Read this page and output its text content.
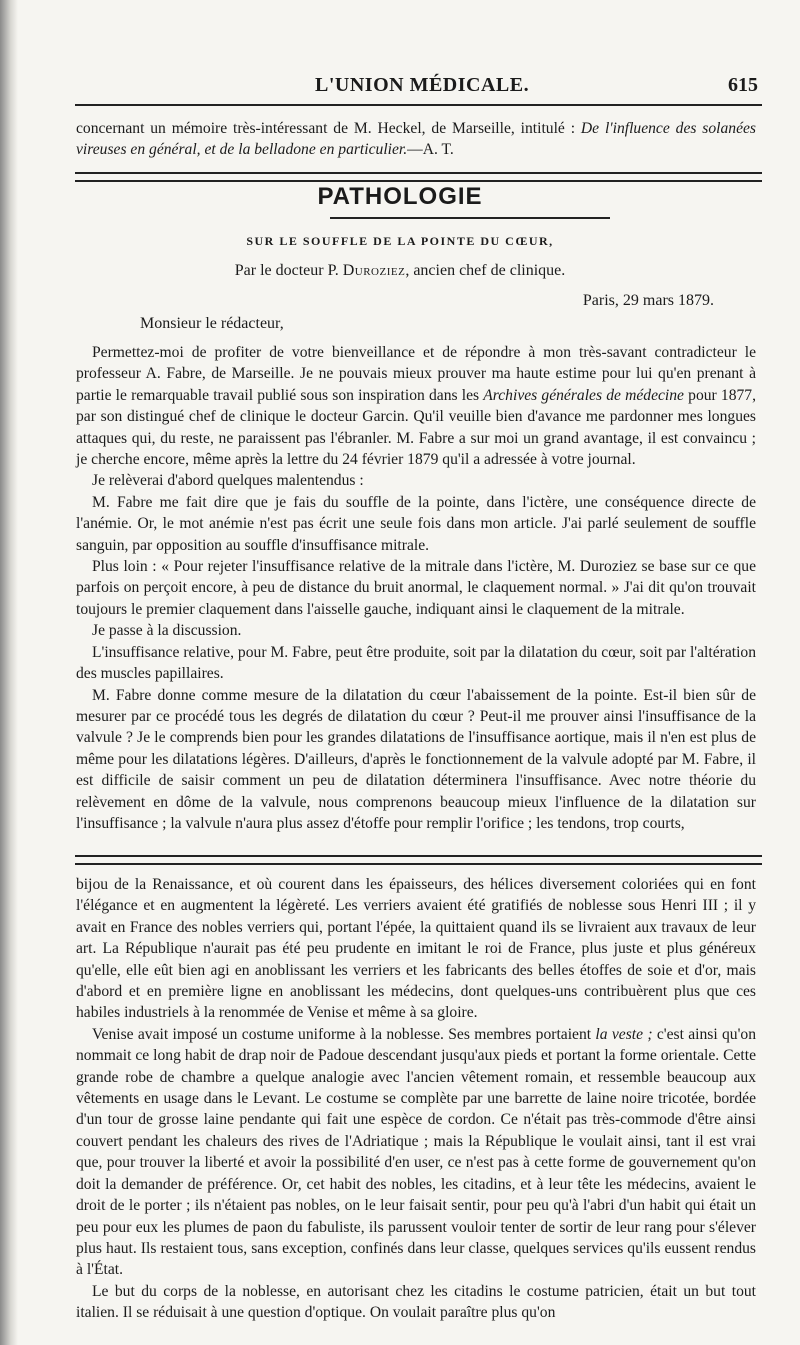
L'UNION MÉDICALE.	615

concernant un mémoire très-intéressant de M. Heckel, de Marseille, intitulé : De l'influence des solanées vireuses en général, et de la belladone en particulier.—A. T.

PATHOLOGIE
SUR LE SOUFFLE DE LA POINTE DU CŒUR,
Par le docteur P. Duroziez, ancien chef de clinique.
Paris, 29 mars 1879.
Monsieur le rédacteur,

Permettez-moi de profiter de votre bienveillance et de répondre à mon très-savant contradicteur le professeur A. Fabre, de Marseille. Je ne pouvais mieux prouver ma haute estime pour lui qu'en prenant à partie le remarquable travail publié sous son inspiration dans les Archives générales de médecine pour 1877, par son distingué chef de clinique le docteur Garcin. Qu'il veuille bien d'avance me pardonner mes longues attaques qui, du reste, ne paraissent pas l'ébranler. M. Fabre a sur moi un grand avantage, il est convaincu ; je cherche encore, même après la lettre du 24 février 1879 qu'il a adressée à votre journal.

Je relèverai d'abord quelques malentendus :

M. Fabre me fait dire que je fais du souffle de la pointe, dans l'ictère, une conséquence directe de l'anémie. Or, le mot anémie n'est pas écrit une seule fois dans mon article. J'ai parlé seulement de souffle sanguin, par opposition au souffle d'insuffisance mitrale.

Plus loin : « Pour rejeter l'insuffisance relative de la mitrale dans l'ictère, M. Duroziez se base sur ce que parfois on perçoit encore, à peu de distance du bruit anormal, le claquement normal. » J'ai dit qu'on trouvait toujours le premier claquement dans l'aisselle gauche, indiquant ainsi le claquement de la mitrale.

Je passe à la discussion.

L'insuffisance relative, pour M. Fabre, peut être produite, soit par la dilatation du cœur, soit par l'altération des muscles papillaires.

M. Fabre donne comme mesure de la dilatation du cœur l'abaissement de la pointe. Est-il bien sûr de mesurer par ce procédé tous les degrés de dilatation du cœur ? Peut-il me prouver ainsi l'insuffisance de la valvule ? Je le comprends bien pour les grandes dilatations de l'insuffisance aortique, mais il n'en est plus de même pour les dilatations légères. D'ailleurs, d'après le fonctionnement de la valvule adopté par M. Fabre, il est difficile de saisir comment un peu de dilatation déterminera l'insuffisance. Avec notre théorie du relèvement en dôme de la valvule, nous comprenons beaucoup mieux l'influence de la dilatation sur l'insuffisance ; la valvule n'aura plus assez d'étoffe pour remplir l'orifice ; les tendons, trop courts,

bijou de la Renaissance, et où courent dans les épaisseurs, des hélices diversement coloriées qui en font l'élégance et en augmentent la légèreté. Les verriers avaient été gratifiés de noblesse sous Henri III ; il y avait en France des nobles verriers qui, portant l'épée, la quittaient quand ils se livraient aux travaux de leur art. La République n'aurait pas été peu prudente en imitant le roi de France, plus juste et plus généreux qu'elle, elle eût bien agi en anoblissant les verriers et les fabricants des belles étoffes de soie et d'or, mais d'abord et en première ligne en anoblissant les médecins, dont quelques-uns contribuèrent plus que ces habiles industriels à la renommée de Venise et même à sa gloire.

Venise avait imposé un costume uniforme à la noblesse. Ses membres portaient la veste ; c'est ainsi qu'on nommait ce long habit de drap noir de Padoue descendant jusqu'aux pieds et portant la forme orientale. Cette grande robe de chambre a quelque analogie avec l'ancien vêtement romain, et ressemble beaucoup aux vêtements en usage dans le Levant. Le costume se complète par une barrette de laine noire tricotée, bordée d'un tour de grosse laine pendante qui fait une espèce de cordon. Ce n'était pas très-commode d'être ainsi couvert pendant les chaleurs des rives de l'Adriatique ; mais la République le voulait ainsi, tant il est vrai que, pour trouver la liberté et avoir la possibilité d'en user, ce n'est pas à cette forme de gouvernement qu'on doit la demander de préférence. Or, cet habit des nobles, les citadins, et à leur tête les médecins, avaient le droit de le porter ; ils n'étaient pas nobles, on le leur faisait sentir, pour peu qu'à l'abri d'un habit qui était un peu pour eux les plumes de paon du fabuliste, ils parussent vouloir tenter de sortir de leur rang pour s'élever plus haut. Ils restaient tous, sans exception, confinés dans leur classe, quelques services qu'ils eussent rendus à l'État.

Le but du corps de la noblesse, en autorisant chez les citadins le costume patricien, était un but tout italien. Il se réduisait à une question d'optique. On voulait paraître plus qu'on
